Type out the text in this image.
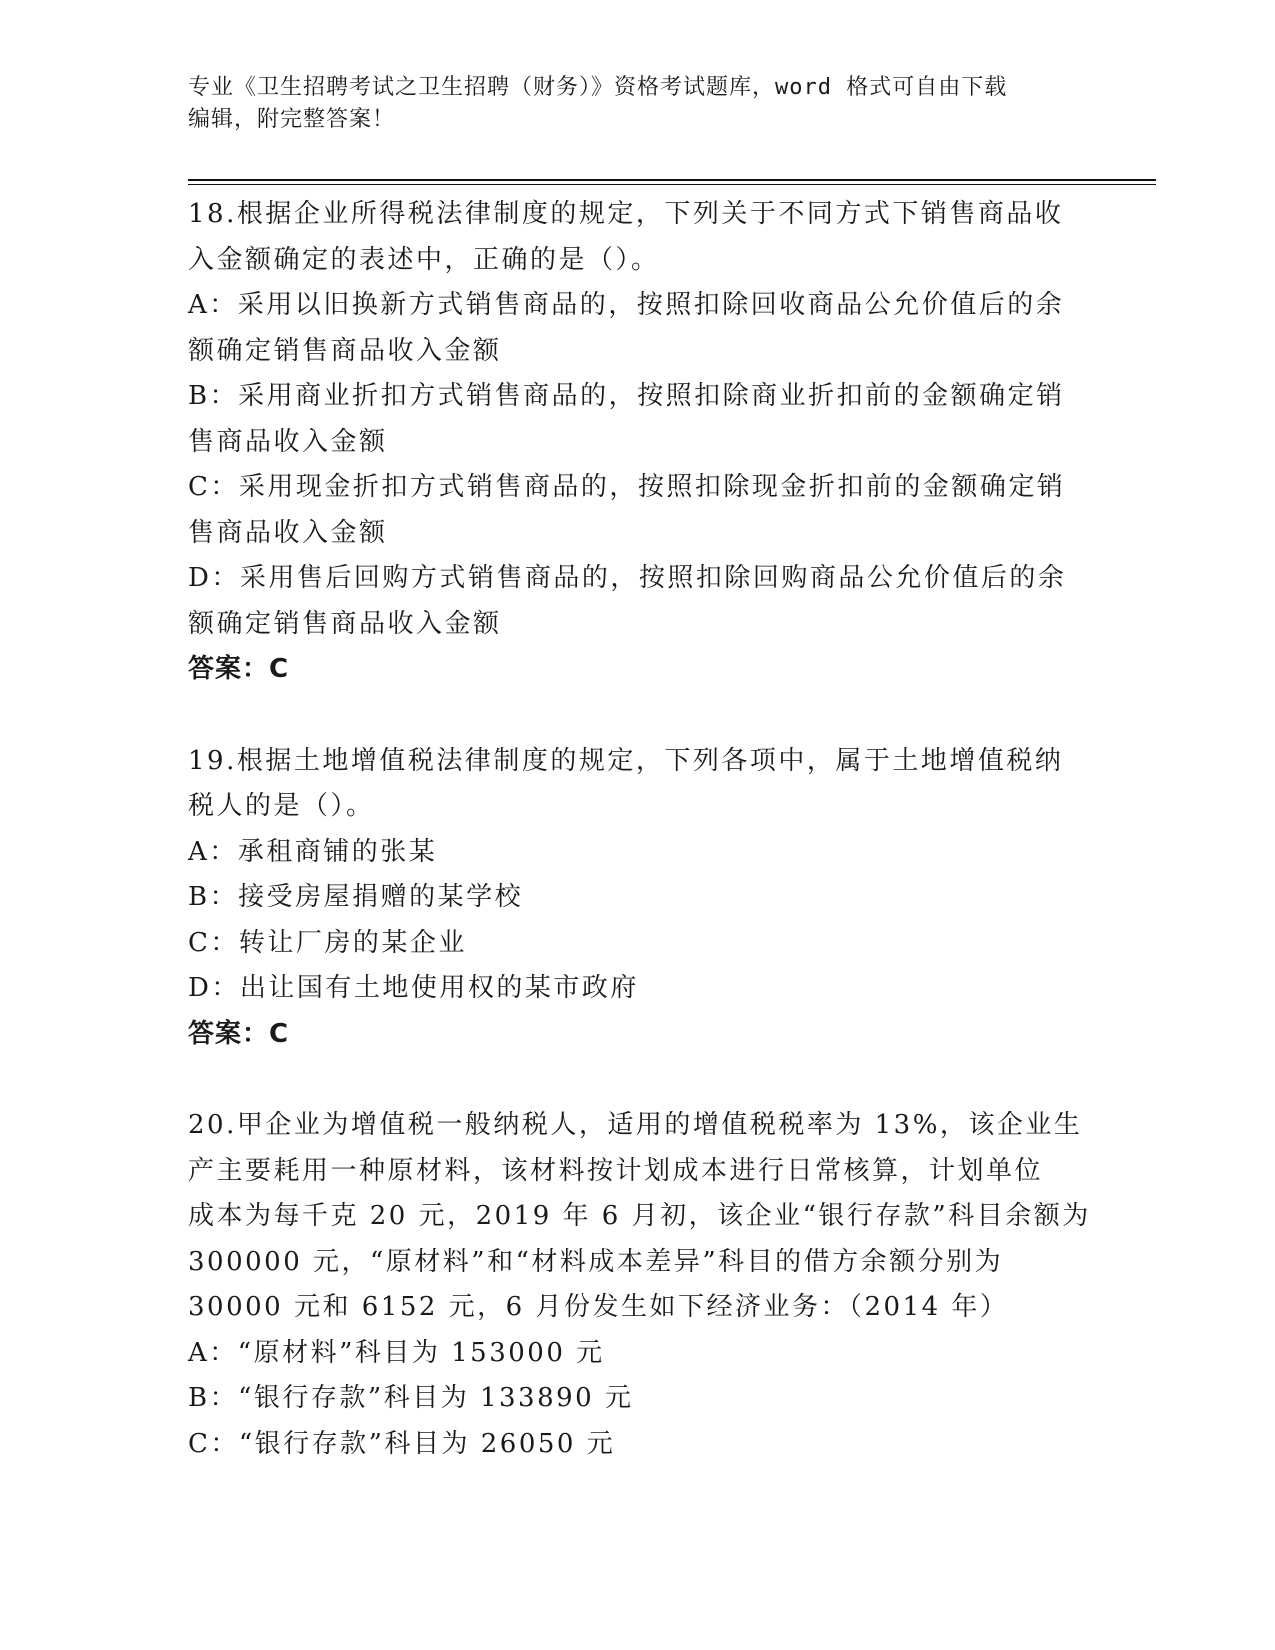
专业《卫生招聘考试之卫生招聘（财务）》资格考试题库，word 格式可自由下载
编辑，附完整答案！

18.根据企业所得税法律制度的规定，下列关于不同方式下销售商品收

入金额确定的表述中，正确的是（）。

A：采用以旧换新方式销售商品的，按照扣除回收商品公允价值后的余

额确定销售商品收入金额

B：采用商业折扣方式销售商品的，按照扣除商业折扣前的金额确定销

售商品收入金额

C：采用现金折扣方式销售商品的，按照扣除现金折扣前的金额确定销

售商品收入金额

D：采用售后回购方式销售商品的，按照扣除回购商品公允价值后的余

额确定销售商品收入金额

答案：C

19.根据土地增值税法律制度的规定，下列各项中，属于土地增值税纳

税人的是（）。

A：承租商铺的张某

B：接受房屋捐赠的某学校

C：转让厂房的某企业

D：出让国有土地使用权的某市政府

答案：C

20.甲企业为增值税一般纳税人，适用的增值税税率为 13%，该企业生

产主要耗用一种原材料，该材料按计划成本进行日常核算，计划单位

成本为每千克 20 元，2019 年 6 月初，该企业“银行存款”科目余额为

300000 元，“原材料”和“材料成本差异”科目的借方余额分别为

30000 元和 6152 元，6 月份发生如下经济业务：（2014 年）

A：“原材料”科目为 153000 元

B：“银行存款”科目为 133890 元

C：“银行存款”科目为 26050 元
